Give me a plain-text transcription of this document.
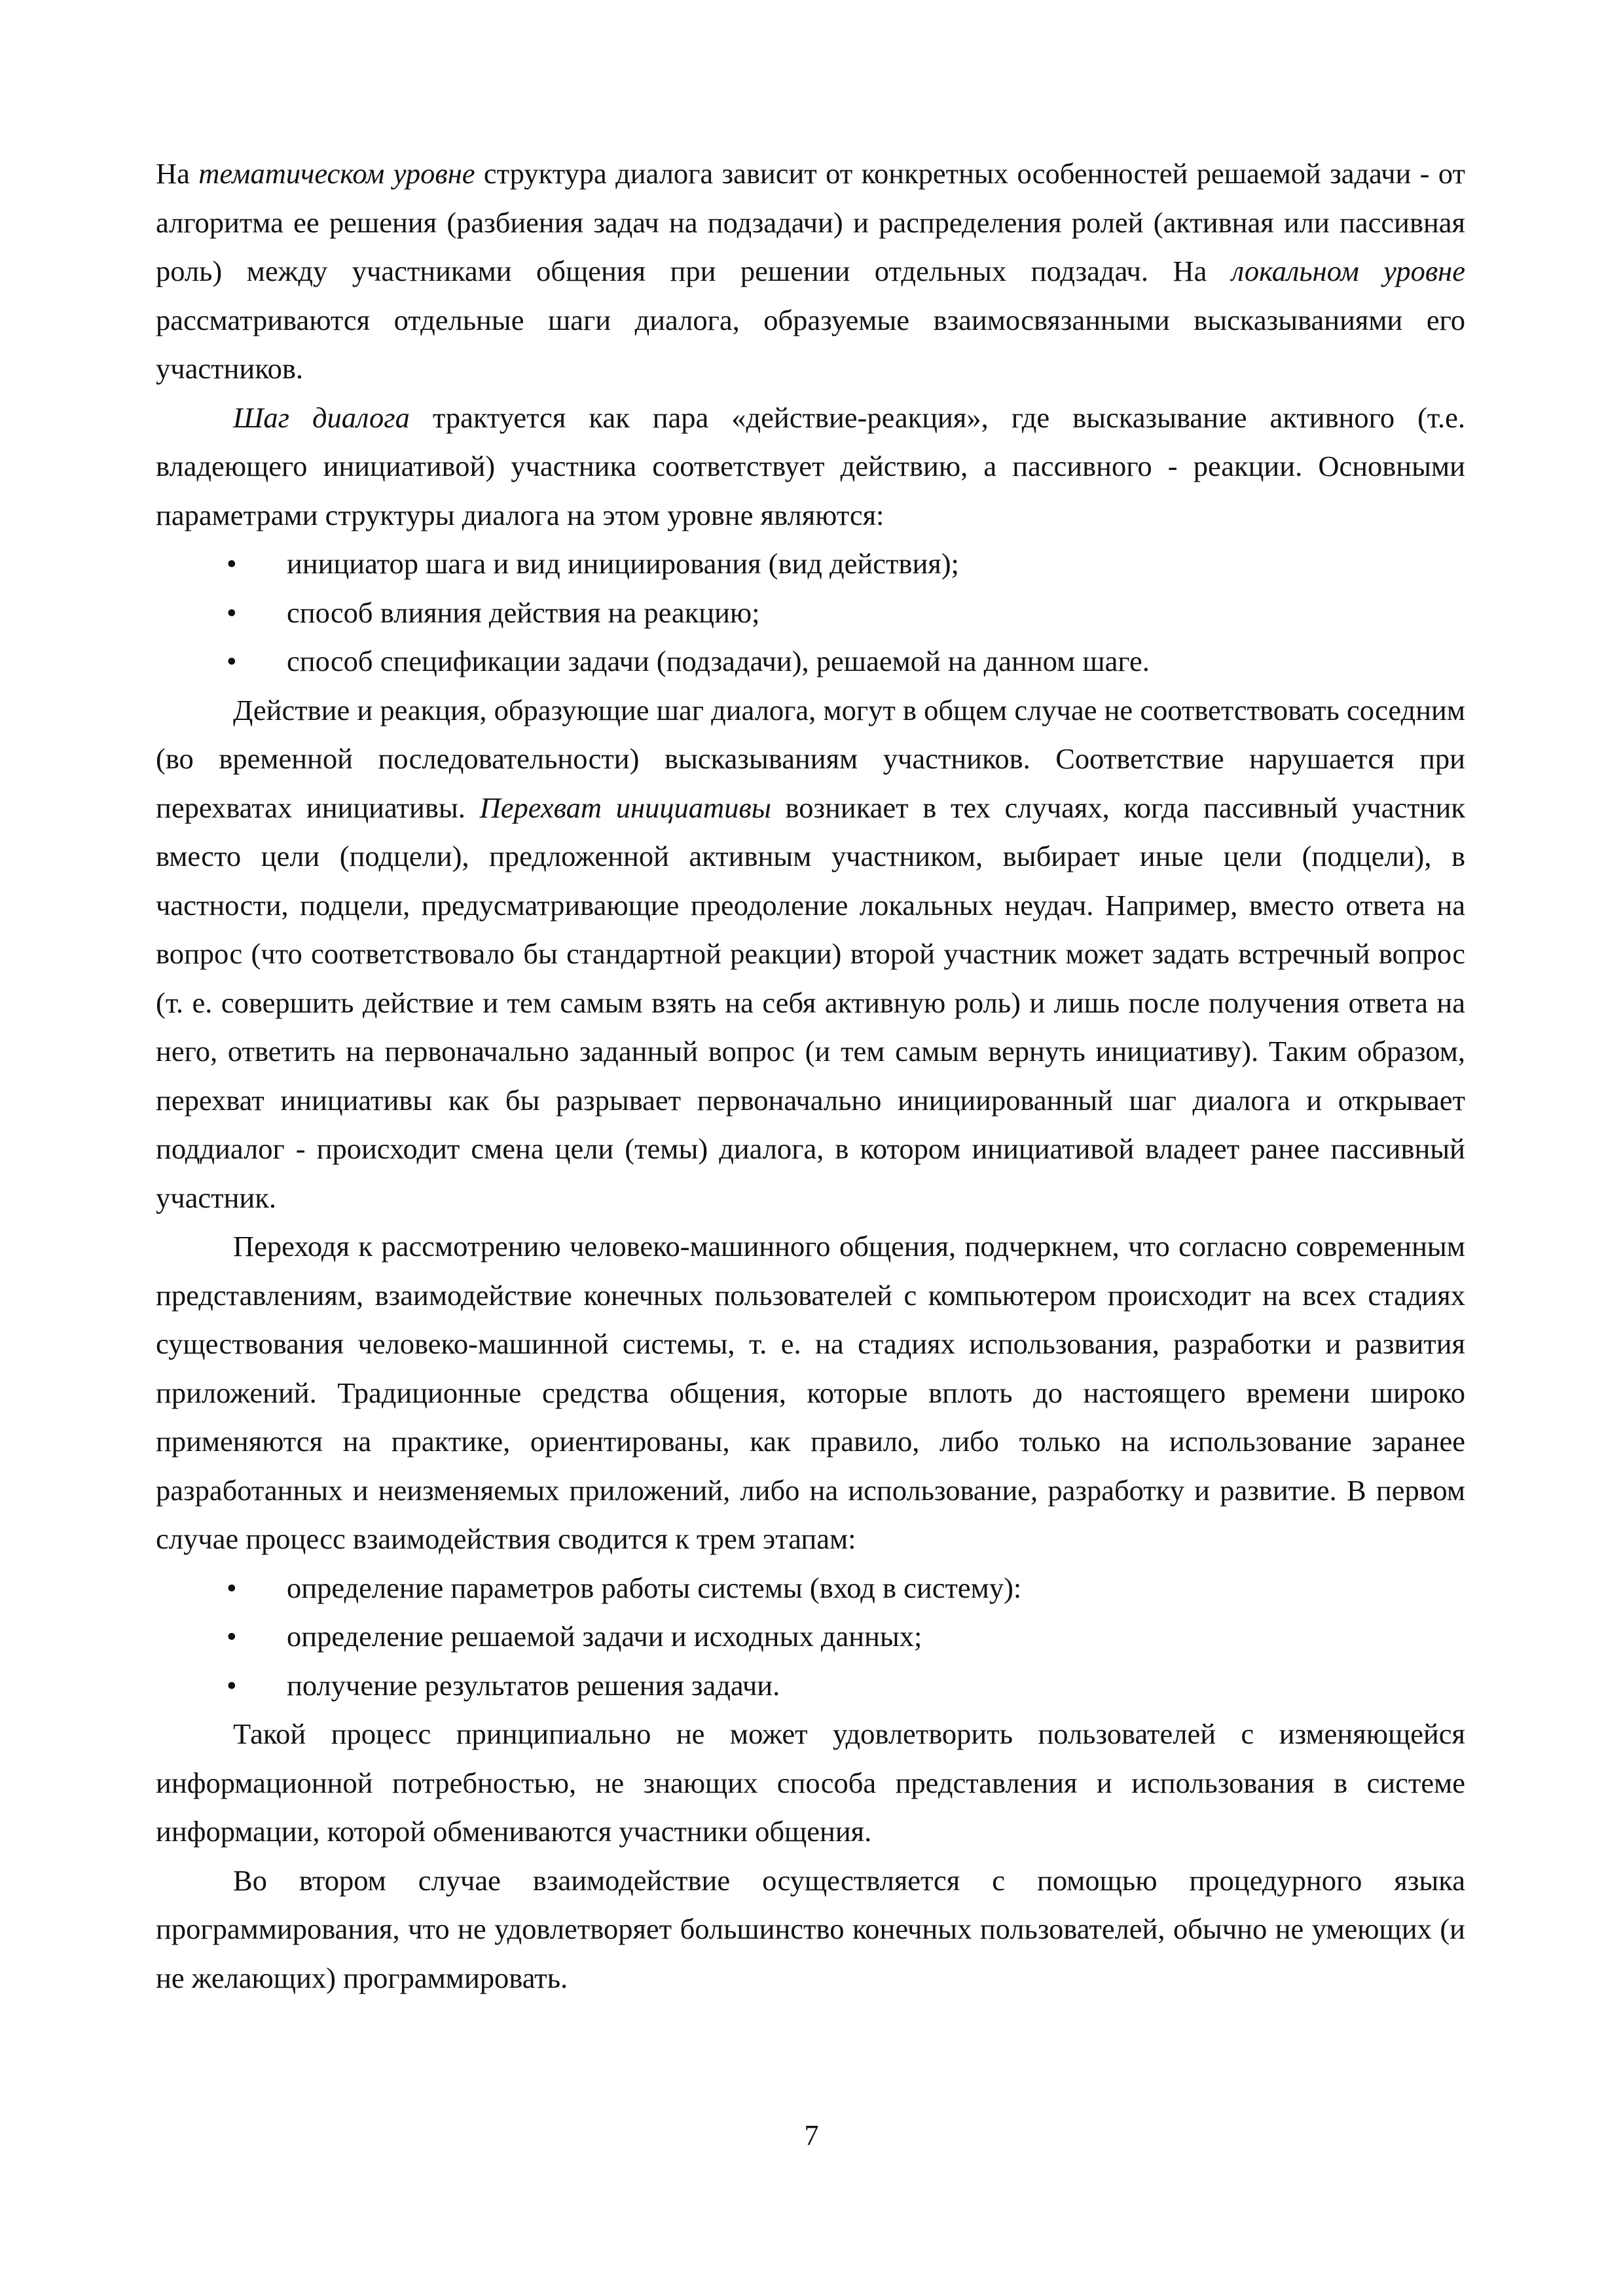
На тематическом уровне структура диалога зависит от конкретных особенностей решаемой задачи - от алгоритма ее решения (разбиения задач на подзадачи) и распределения ролей (активная или пассивная роль) между участниками общения при решении отдельных подзадач. На локальном уровне рассматриваются отдельные шаги диалога, образуемые взаимосвязанными высказываниями его участников.

Шаг диалога трактуется как пара «действие-реакция», где высказывание активного (т.е. владеющего инициативой) участника соответствует действию, а пассивного - реакции. Основными параметрами структуры диалога на этом уровне являются:

•	инициатор шага и вид инициирования (вид действия);
•	способ влияния действия на реакцию;
•	способ спецификации задачи (подзадачи), решаемой на данном шаге.

Действие и реакция, образующие шаг диалога, могут в общем случае не соответствовать соседним (во временной последовательности) высказываниям участников. Соответствие нарушается при перехватах инициативы. Перехват инициативы возникает в тех случаях, когда пассивный участник вместо цели (подцели), предложенной активным участником, выбирает иные цели (подцели), в частности, подцели, предусматривающие преодоление локальных неудач. Например, вместо ответа на вопрос (что соответствовало бы стандартной реакции) второй участник может задать встречный вопрос (т. е. совершить действие и тем самым взять на себя активную роль) и лишь после получения ответа на него, ответить на первоначально заданный вопрос (и тем самым вернуть инициативу). Таким образом, перехват инициативы как бы разрывает первоначально инициированный шаг диалога и открывает поддиалог - происходит смена цели (темы) диалога, в котором инициативой владеет ранее пассивный участник.

Переходя к рассмотрению человеко-машинного общения, подчеркнем, что согласно современным представлениям, взаимодействие конечных пользователей с компьютером происходит на всех стадиях существования человеко-машинной системы, т. е. на стадиях использования, разработки и развития приложений. Традиционные средства общения, которые вплоть до настоящего времени широко применяются на практике, ориентированы, как правило, либо только на использование заранее разработанных и неизменяемых приложений, либо на использование, разработку и развитие. В первом случае процесс взаимодействия сводится к трем этапам:

•	определение параметров работы системы (вход в систему):
•	определение решаемой задачи и исходных данных;
•	получение результатов решения задачи.

Такой процесс принципиально не может удовлетворить пользователей с изменяющейся информационной потребностью, не знающих способа представления и использования в системе информации, которой обмениваются участники общения.

Во втором случае взаимодействие осуществляется с помощью процедурного языка программирования, что не удовлетворяет большинство конечных пользователей, обычно не умеющих (и не желающих) программировать.

7
